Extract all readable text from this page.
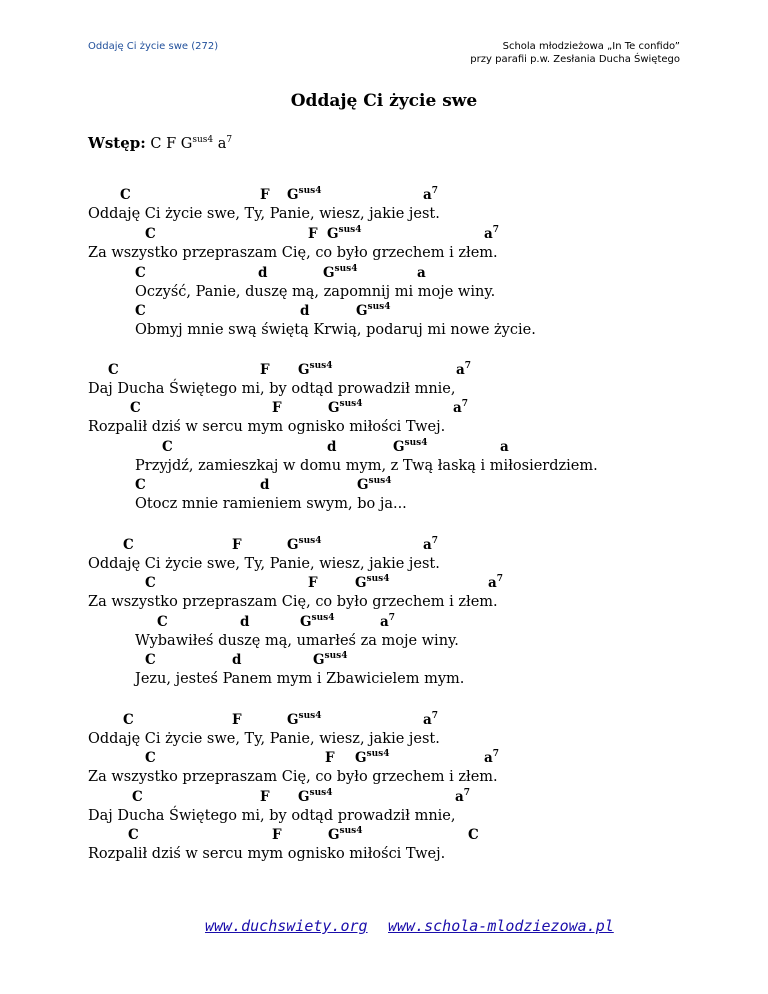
Oddaję Ci życie swe (272)	Schola młodzieżowa „In Te confido”
przy parafii p.w. Zesłania Ducha Świętego
Oddaję Ci życie swe
Wstęp: C F $G^{sus4}$ $a^7$
Oddaję Ci życie swe, Ty, Panie, wiesz, jakie jest.
C	F $G^{sus4}$	$a^7$
Za wszystko przepraszam Cię, co było grzechem i złem.
C	F $G^{sus4}$	$a^7$
Oczyść, Panie, duszę mą, zapomnij mi moje winy.
C	d	$G^{sus4}$	a
Obmyj mnie swą świętą Krwią, podaruj mi nowe życie.
C	d	$G^{sus4}$
Daj Ducha Świętego mi, by odtąd prowadził mnie,
C	F $G^{sus4}$	$a^7$
Rozpalił dziś w sercu mym ognisko miłości Twej.
C	F	$G^{sus4}$	$a^7$
Przyjdź, zamieszkaj w domu mym, z Twą łaską i miłosierdziem.
C	d	$G^{sus4}$	a
Otocz mnie ramieniem swym, bo ja...
C	d	$G^{sus4}$
Oddaję Ci życie swe, Ty, Panie, wiesz, jakie jest.
C	F	$G^{sus4}$	$a^7$
Za wszystko przepraszam Cię, co było grzechem i złem.
C	F	$G^{sus4}$	$a^7$
Wybawiłeś duszę mą, umarłeś za moje winy.
C	d	$G^{sus4}$	$a^7$
Jezu, jesteś Panem mym i Zbawicielem mym.
C	d	$G^{sus4}$
Oddaję Ci życie swe, Ty, Panie, wiesz, jakie jest.
C	F	$G^{sus4}$	$a^7$
Za wszystko przepraszam Cię, co było grzechem i złem.
C	F $G^{sus4}$	$a^7$
Daj Ducha Świętego mi, by odtąd prowadził mnie,
C	F $G^{sus4}$	$a^7$
Rozpalił dziś w sercu mym ognisko miłości Twej.
C	F	$G^{sus4}$	C
www.duchswiety.org www.schola-mlodziezowa.pl
